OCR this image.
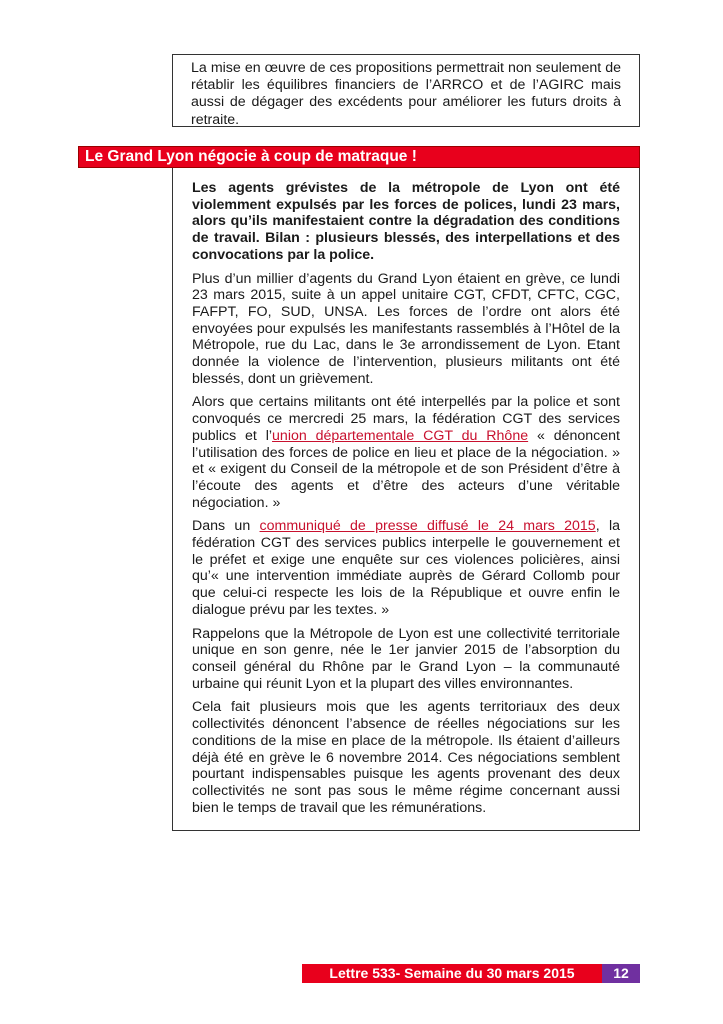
La mise en œuvre de ces propositions permettrait non seulement de rétablir les équilibres financiers de l’ARRCO et de l’AGIRC mais aussi de dégager des excédents pour améliorer les futurs droits à retraite.
Le Grand Lyon négocie à coup de matraque !

Les agents grévistes de la métropole de Lyon ont été violemment expulsés par les forces de polices, lundi 23 mars, alors qu’ils manifestaient contre la dégradation des conditions de travail. Bilan : plusieurs blessés, des interpellations et des convocations par la police.

Plus d’un millier d’agents du Grand Lyon étaient en grève, ce lundi 23 mars 2015, suite à un appel unitaire CGT, CFDT, CFTC, CGC, FAFPT, FO, SUD, UNSA. Les forces de l’ordre ont alors été envoyées pour expulsés les manifestants rassemblés à l’Hôtel de la Métropole, rue du Lac, dans le 3e arrondissement de Lyon. Etant donnée la violence de l’intervention, plusieurs militants ont été blessés, dont un grièvement.

Alors que certains militants ont été interpellés par la police et sont convoqués ce mercredi 25 mars, la fédération CGT des services publics et l’union départementale CGT du Rhône « dénoncent l’utilisation des forces de police en lieu et place de la négociation. » et « exigent du Conseil de la métropole et de son Président d’être à l’écoute des agents et d’être des acteurs d’une véritable négociation. »

Dans un communiqué de presse diffusé le 24 mars 2015, la fédération CGT des services publics interpelle le gouvernement et le préfet et exige une enquête sur ces violences policières, ainsi qu’« une intervention immédiate auprès de Gérard Collomb pour que celui-ci respecte les lois de la République et ouvre enfin le dialogue prévu par les textes. »

Rappelons que la Métropole de Lyon est une collectivité territoriale unique en son genre, née le 1er janvier 2015 de l’absorption du conseil général du Rhône par le Grand Lyon – la communauté urbaine qui réunit Lyon et la plupart des villes environnantes.

Cela fait plusieurs mois que les agents territoriaux des deux collectivités dénoncent l’absence de réelles négociations sur les conditions de la mise en place de la métropole. Ils étaient d’ailleurs déjà été en grève le 6 novembre 2014. Ces négociations semblent pourtant indispensables puisque les agents provenant des deux collectivités ne sont pas sous le même régime concernant aussi bien le temps de travail que les rémunérations.

Lettre 533- Semaine du 30 mars 2015	12
